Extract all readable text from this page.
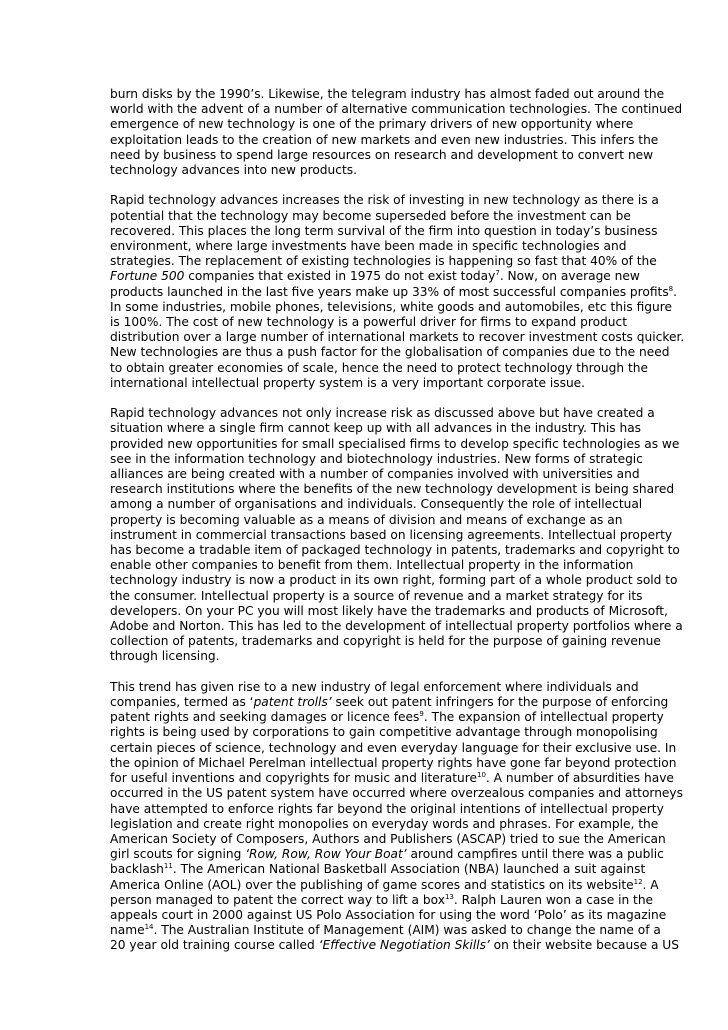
burn disks by the 1990’s. Likewise, the telegram industry has almost faded out around the
world with the advent of a number of alternative communication technologies. The continued
emergence of new technology is one of the primary drivers of new opportunity where
exploitation leads to the creation of new markets and even new industries. This infers the
need by business to spend large resources on research and development to convert new
technology advances into new products.

Rapid technology advances increases the risk of investing in new technology as there is a
potential that the technology may become superseded before the investment can be
recovered. This places the long term survival of the firm into question in today’s business
environment, where large investments have been made in specific technologies and
strategies. The replacement of existing technologies is happening so fast that 40% of the
Fortune 500 companies that existed in 1975 do not exist today$^7$. Now, on average new
products launched in the last five years make up 33% of most successful companies profits$^8$.
In some industries, mobile phones, televisions, white goods and automobiles, etc this figure
is 100%. The cost of new technology is a powerful driver for firms to expand product
distribution over a large number of international markets to recover investment costs quicker.
New technologies are thus a push factor for the globalisation of companies due to the need
to obtain greater economies of scale, hence the need to protect technology through the
international intellectual property system is a very important corporate issue.

Rapid technology advances not only increase risk as discussed above but have created a
situation where a single firm cannot keep up with all advances in the industry. This has
provided new opportunities for small specialised firms to develop specific technologies as we
see in the information technology and biotechnology industries. New forms of strategic
alliances are being created with a number of companies involved with universities and
research institutions where the benefits of the new technology development is being shared
among a number of organisations and individuals. Consequently the role of intellectual
property is becoming valuable as a means of division and means of exchange as an
instrument in commercial transactions based on licensing agreements. Intellectual property
has become a tradable item of packaged technology in patents, trademarks and copyright to
enable other companies to benefit from them. Intellectual property in the information
technology industry is now a product in its own right, forming part of a whole product sold to
the consumer. Intellectual property is a source of revenue and a market strategy for its
developers. On your PC you will most likely have the trademarks and products of Microsoft,
Adobe and Norton. This has led to the development of intellectual property portfolios where a
collection of patents, trademarks and copyright is held for the purpose of gaining revenue
through licensing.

This trend has given rise to a new industry of legal enforcement where individuals and
companies, termed as ‘patent trolls’ seek out patent infringers for the purpose of enforcing
patent rights and seeking damages or licence fees$^9$. The expansion of intellectual property
rights is being used by corporations to gain competitive advantage through monopolising
certain pieces of science, technology and even everyday language for their exclusive use. In
the opinion of Michael Perelman intellectual property rights have gone far beyond protection
for useful inventions and copyrights for music and literature$^{10}$. A number of absurdities have
occurred in the US patent system have occurred where overzealous companies and attorneys
have attempted to enforce rights far beyond the original intentions of intellectual property
legislation and create right monopolies on everyday words and phrases. For example, the
American Society of Composers, Authors and Publishers (ASCAP) tried to sue the American
girl scouts for signing ‘Row, Row, Row Your Boat’ around campfires until there was a public
backlash$^{11}$. The American National Basketball Association (NBA) launched a suit against
America Online (AOL) over the publishing of game scores and statistics on its website$^{12}$. A
person managed to patent the correct way to lift a box$^{13}$. Ralph Lauren won a case in the
appeals court in 2000 against US Polo Association for using the word ‘Polo’ as its magazine
name$^{14}$. The Australian Institute of Management (AIM) was asked to change the name of a
20 year old training course called ‘Effective Negotiation Skills’ on their website because a US
